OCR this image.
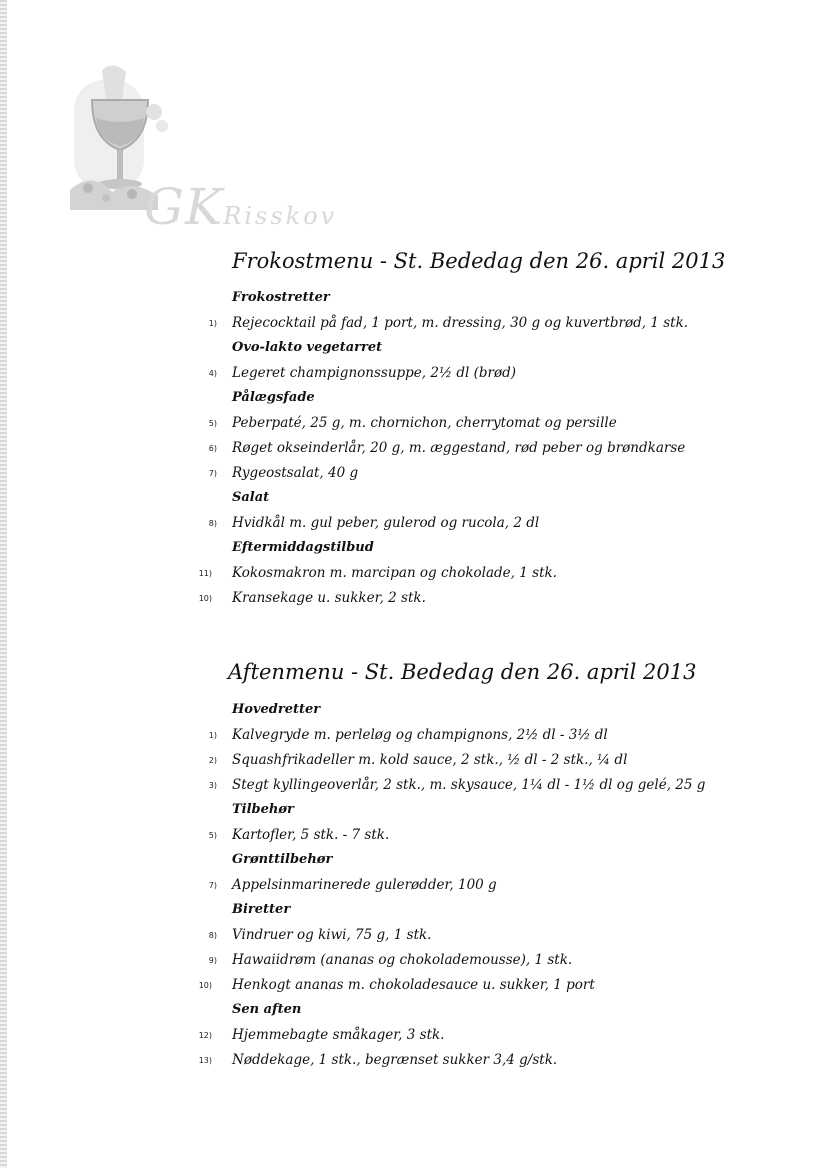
GKRisskov
Frokostmenu - St. Bededag den 26. april 2013
Frokostretter
1) Rejecocktail på fad, 1 port, m. dressing, 30 g og kuvertbrød, 1 stk.
Ovo-lakto vegetarret
4) Legeret champignonssuppe, 2½ dl (brød)
Pålægsfade
5) Peberpaté, 25 g, m. chornichon, cherrytomat og persille
6) Røget okseinderlår, 20 g, m. æggestand, rød peber og brøndkarse
7) Rygeostsalat, 40 g
Salat
8) Hvidkål m. gul peber, gulerod og rucola, 2 dl
Eftermiddagstilbud
11) Kokosmakron m. marcipan og chokolade, 1 stk.
10) Kransekage u. sukker, 2 stk.
Aftenmenu - St. Bededag den 26. april 2013
Hovedretter
1) Kalvegryde m. perleløg og champignons, 2½ dl - 3½ dl
2) Squashfrikadeller m. kold sauce, 2 stk., ½ dl - 2 stk., ¼ dl
3) Stegt kyllingeoverlår, 2 stk., m. skysauce, 1¼ dl - 1½ dl og gelé, 25 g
Tilbehør
5) Kartofler, 5 stk. - 7 stk.
Grønttilbehør
7) Appelsinmarinerede gulerødder, 100 g
Biretter
8) Vindruer og kiwi, 75 g, 1 stk.
9) Hawaiidrøm (ananas og chokolademousse), 1 stk.
10) Henkogt ananas m. chokoladesauce u. sukker, 1 port
Sen aften
12) Hjemmebagte småkager, 3 stk.
13) Nøddekage, 1 stk., begrænset sukker 3,4 g/stk.
